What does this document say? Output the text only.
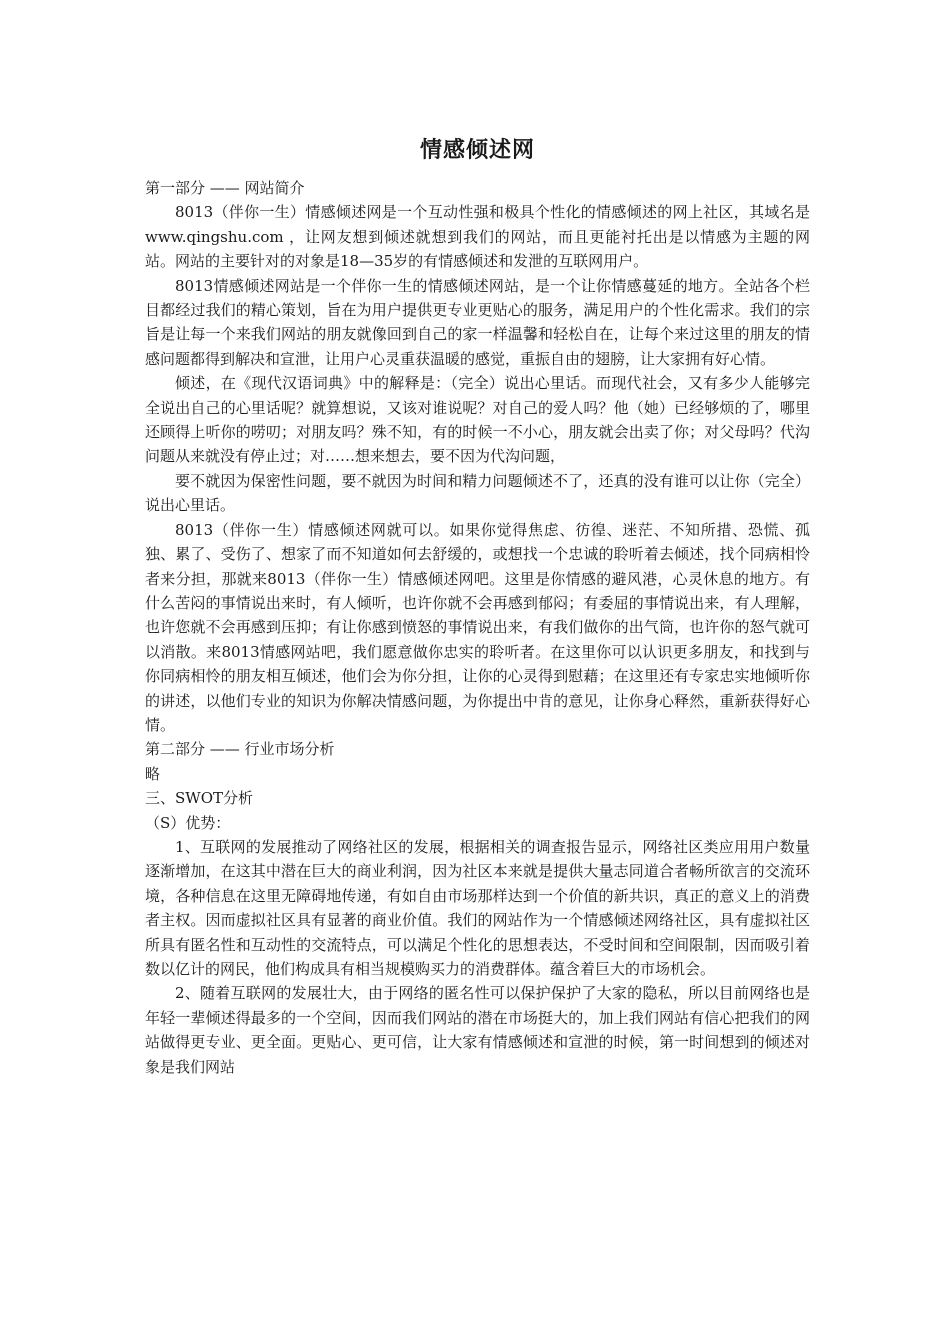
情感倾述网

第一部分 —— 网站简介

8013（伴你一生）情感倾述网是一个互动性强和极具个性化的情感倾述的网上社区，其域名是 www.qingshu.com ，让网友想到倾述就想到我们的网站，而且更能衬托出是以情感为主题的网站。网站的主要针对的对象是18—35岁的有情感倾述和发泄的互联网用户。

8013情感倾述网站是一个伴你一生的情感倾述网站，是一个让你情感蔓延的地方。全站各个栏目都经过我们的精心策划，旨在为用户提供更专业更贴心的服务，满足用户的个性化需求。我们的宗旨是让每一个来我们网站的朋友就像回到自己的家一样温馨和轻松自在，让每个来过这里的朋友的情感问题都得到解决和宣泄，让用户心灵重获温暖的感觉，重振自由的翅膀，让大家拥有好心情。

倾述，在《现代汉语词典》中的解释是：（完全）说出心里话。而现代社会，又有多少人能够完全说出自己的心里话呢？就算想说，又该对谁说呢？对自己的爱人吗？他（她）已经够烦的了，哪里还顾得上听你的唠叨；对朋友吗？殊不知，有的时候一不小心，朋友就会出卖了你；对父母吗？代沟问题从来就没有停止过；对……想来想去，要不因为代沟问题，

要不就因为保密性问题，要不就因为时间和精力问题倾述不了，还真的没有谁可以让你（完全）说出心里话。

8013（伴你一生）情感倾述网就可以。如果你觉得焦虑、彷徨、迷茫、不知所措、恐慌、孤独、累了、受伤了、想家了而不知道如何去舒缓的，或想找一个忠诚的聆听着去倾述，找个同病相怜者来分担，那就来8013（伴你一生）情感倾述网吧。这里是你情感的避风港，心灵休息的地方。有什么苦闷的事情说出来时，有人倾听，也许你就不会再感到郁闷；有委屈的事情说出来，有人理解，也许您就不会再感到压抑；有让你感到愤怒的事情说出来，有我们做你的出气筒，也许你的怒气就可以消散。来8013情感网站吧，我们愿意做你忠实的聆听者。在这里你可以认识更多朋友，和找到与你同病相怜的朋友相互倾述，他们会为你分担，让你的心灵得到慰藉；在这里还有专家忠实地倾听你的讲述，以他们专业的知识为你解决情感问题，为你提出中肯的意见，让你身心释然，重新获得好心情。

第二部分 —— 行业市场分析

略

三、SWOT分析

（S）优势：

1、互联网的发展推动了网络社区的发展，根据相关的调查报告显示，网络社区类应用用户数量逐渐增加，在这其中潜在巨大的商业利润，因为社区本来就是提供大量志同道合者畅所欲言的交流环境，各种信息在这里无障碍地传递，有如自由市场那样达到一个价值的新共识，真正的意义上的消费者主权。因而虚拟社区具有显著的商业价值。我们的网站作为一个情感倾述网络社区，具有虚拟社区所具有匿名性和互动性的交流特点，可以满足个性化的思想表达，不受时间和空间限制，因而吸引着数以亿计的网民，他们构成具有相当规模购买力的消费群体。蕴含着巨大的市场机会。

2、随着互联网的发展壮大，由于网络的匿名性可以保护保护了大家的隐私，所以目前网络也是年轻一辈倾述得最多的一个空间，因而我们网站的潜在市场挺大的，加上我们网站有信心把我们的网站做得更专业、更全面。更贴心、更可信，让大家有情感倾述和宣泄的时候，第一时间想到的倾述对象是我们网站
